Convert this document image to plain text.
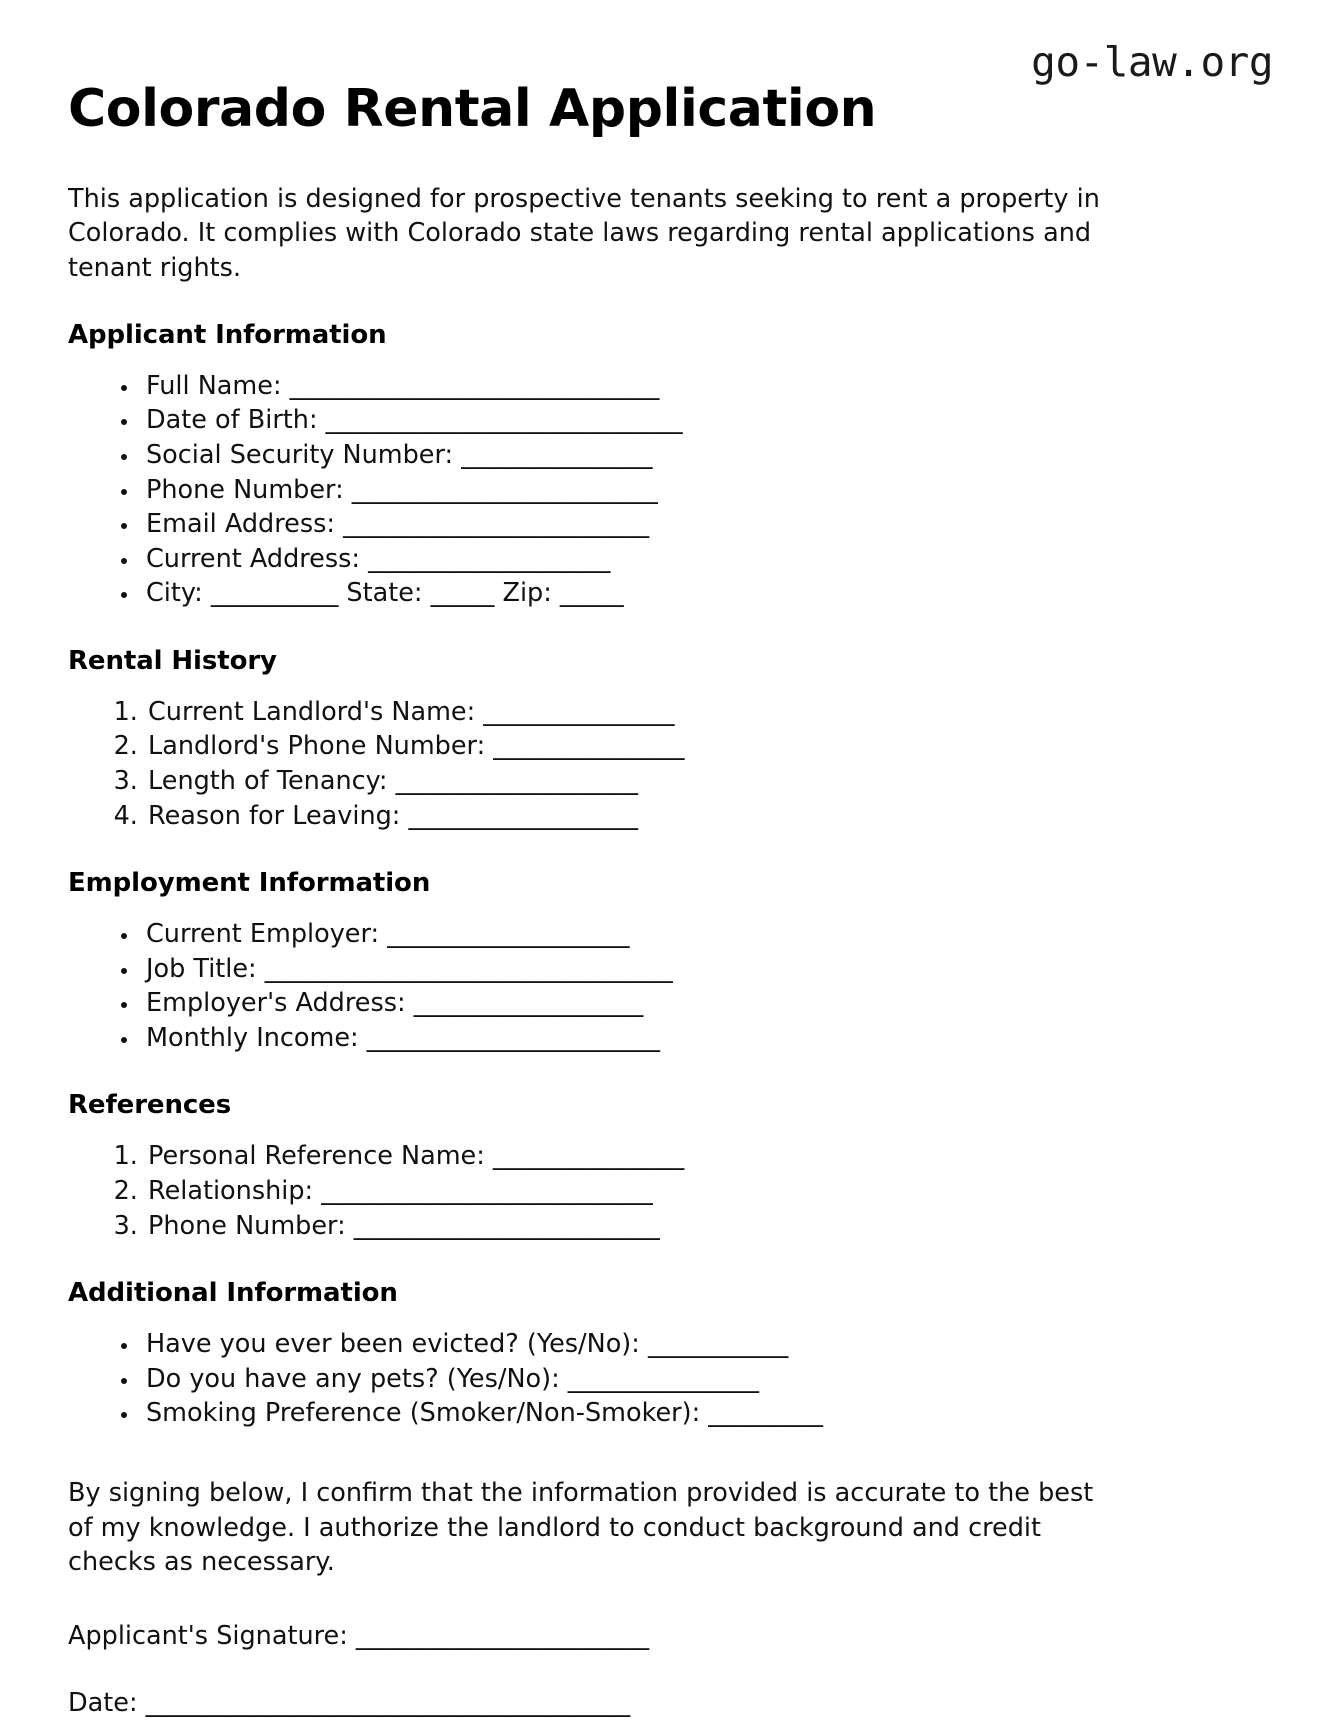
go-law.org
Colorado Rental Application

This application is designed for prospective tenants seeking to rent a property in Colorado. It complies with Colorado state laws regarding rental applications and tenant rights.

Applicant Information
• Full Name: _____________________________
• Date of Birth: ____________________________
• Social Security Number: _______________
• Phone Number: ________________________
• Email Address: ________________________
• Current Address: ___________________
• City: __________ State: _____ Zip: _____
Rental History
1. Current Landlord's Name: _______________
2. Landlord's Phone Number: _______________
3. Length of Tenancy: ___________________
4. Reason for Leaving: __________________
Employment Information
• Current Employer: ___________________
• Job Title: ________________________________
• Employer's Address: __________________
• Monthly Income: _______________________
References
1. Personal Reference Name: _______________
2. Relationship: __________________________
3. Phone Number: ________________________
Additional Information
• Have you ever been evicted? (Yes/No): ___________
• Do you have any pets? (Yes/No): _______________
• Smoking Preference (Smoker/Non-Smoker): _________

By signing below, I confirm that the information provided is accurate to the best of my knowledge. I authorize the landlord to conduct background and credit checks as necessary.

Applicant's Signature: _______________________
Date: ______________________________________
